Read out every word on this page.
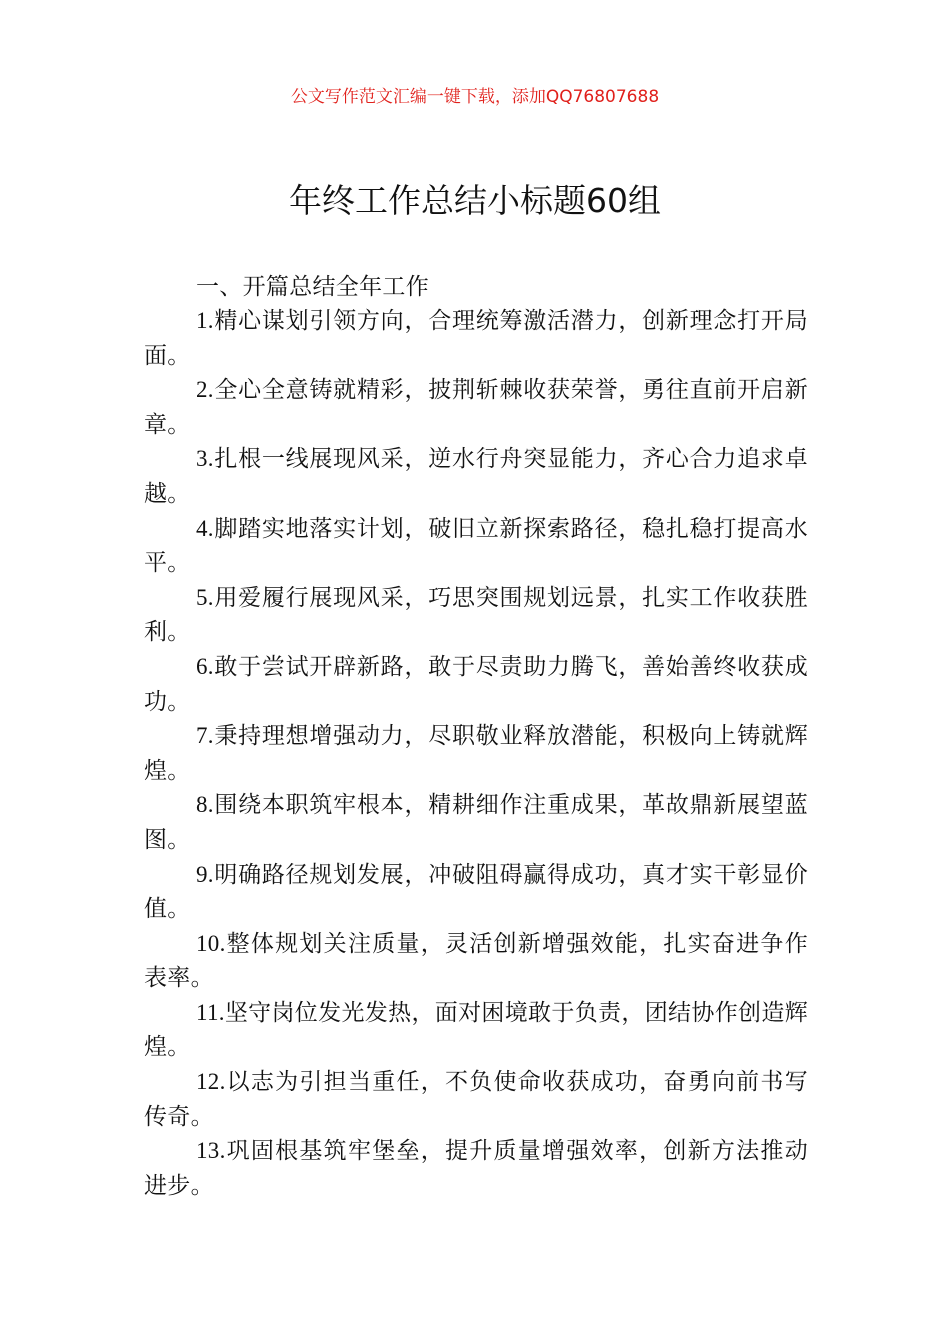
公文写作范文汇编一键下载，添加QQ76807688
年终工作总结小标题60组

一、开篇总结全年工作

1.精心谋划引领方向，合理统筹激活潜力，创新理念打开局面。

2.全心全意铸就精彩，披荆斩棘收获荣誉，勇往直前开启新章。

3.扎根一线展现风采，逆水行舟突显能力，齐心合力追求卓越。

4.脚踏实地落实计划，破旧立新探索路径，稳扎稳打提高水平。

5.用爱履行展现风采，巧思突围规划远景，扎实工作收获胜利。

6.敢于尝试开辟新路，敢于尽责助力腾飞，善始善终收获成功。

7.秉持理想增强动力，尽职敬业释放潜能，积极向上铸就辉煌。

8.围绕本职筑牢根本，精耕细作注重成果，革故鼎新展望蓝图。

9.明确路径规划发展，冲破阻碍赢得成功，真才实干彰显价值。

10.整体规划关注质量，灵活创新增强效能，扎实奋进争作表率。

11.坚守岗位发光发热，面对困境敢于负责，团结协作创造辉煌。

12.以志为引担当重任，不负使命收获成功，奋勇向前书写传奇。

13.巩固根基筑牢堡垒，提升质量增强效率，创新方法推动进步。
